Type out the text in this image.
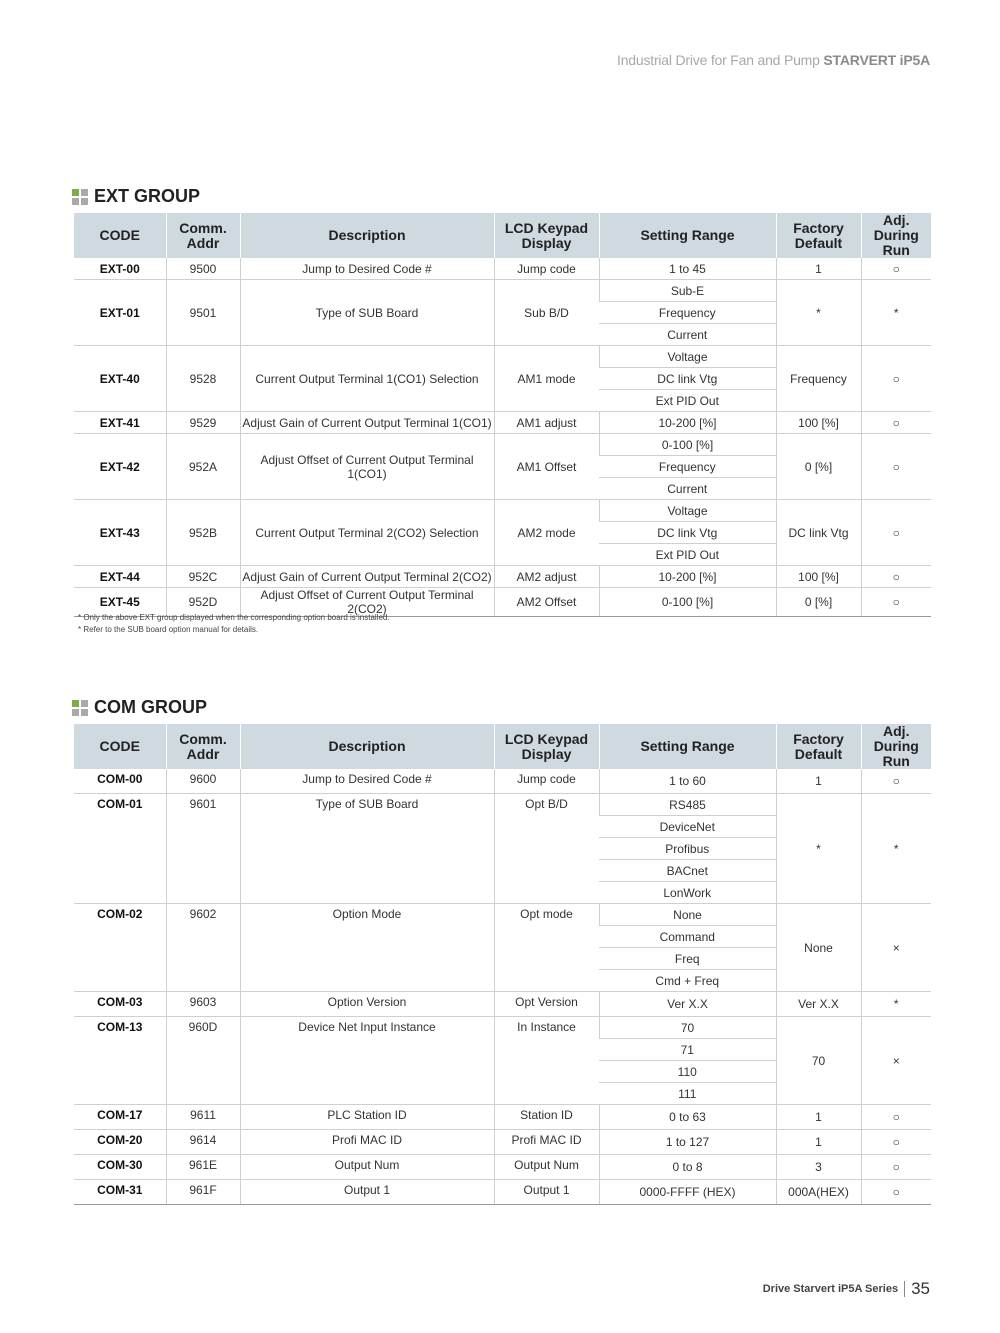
Industrial Drive for Fan and Pump STARVERT iP5A
EXT GROUP
CODE	Comm. Addr	Description	LCD Keypad Display	Setting Range	Factory Default	Adj. During Run
EXT-00	9500	Jump to Desired Code #	Jump code	1 to 45	1	○
EXT-01	9501	Type of SUB Board	Sub B/D	Sub-E	*	*
				Frequency		
				Current		
EXT-40	9528	Current Output Terminal 1(CO1) Selection	AM1 mode	Voltage	Frequency	○
				DC link Vtg		
				Ext PID Out		
EXT-41	9529	Adjust Gain of Current Output Terminal 1(CO1)	AM1 adjust	10-200 [%]	100 [%]	○
EXT-42	952A	Adjust Offset of Current Output Terminal 1(CO1)	AM1 Offset	0-100 [%]	0 [%]	○
				Frequency		
				Current		
EXT-43	952B	Current Output Terminal 2(CO2) Selection	AM2 mode	Voltage	DC link Vtg	○
				DC link Vtg		
				Ext PID Out		
EXT-44	952C	Adjust Gain of Current Output Terminal 2(CO2)	AM2 adjust	10-200 [%]	100 [%]	○
EXT-45	952D	Adjust Offset of Current Output Terminal 2(CO2)	AM2 Offset	0-100 [%]	0 [%]	○
* Only the above EXT group displayed when the corresponding option board is installed.
* Refer to the SUB board option manual for details.
COM GROUP
CODE	Comm. Addr	Description	LCD Keypad Display	Setting Range	Factory Default	Adj. During Run
COM-00	9600	Jump to Desired Code #	Jump code	1 to 60	1	○
COM-01	9601	Type of SUB Board	Opt B/D	RS485	*	*
				DeviceNet		
				Profibus		
				BACnet		
				LonWork		
COM-02	9602	Option Mode	Opt mode	None	None	×
				Command		
				Freq		
				Cmd + Freq		
COM-03	9603	Option Version	Opt Version	Ver X.X	Ver X.X	*
COM-13	960D	Device Net Input Instance	In Instance	70	70	×
				71		
				110		
				111		
COM-17	9611	PLC Station ID	Station ID	0 to 63	1	○
COM-20	9614	Profi MAC ID	Profi MAC ID	1 to 127	1	○
COM-30	961E	Output Num	Output Num	0 to 8	3	○
COM-31	961F	Output 1	Output 1	0000-FFFF (HEX)	000A(HEX)	○
Drive Starvert iP5A Series 35
